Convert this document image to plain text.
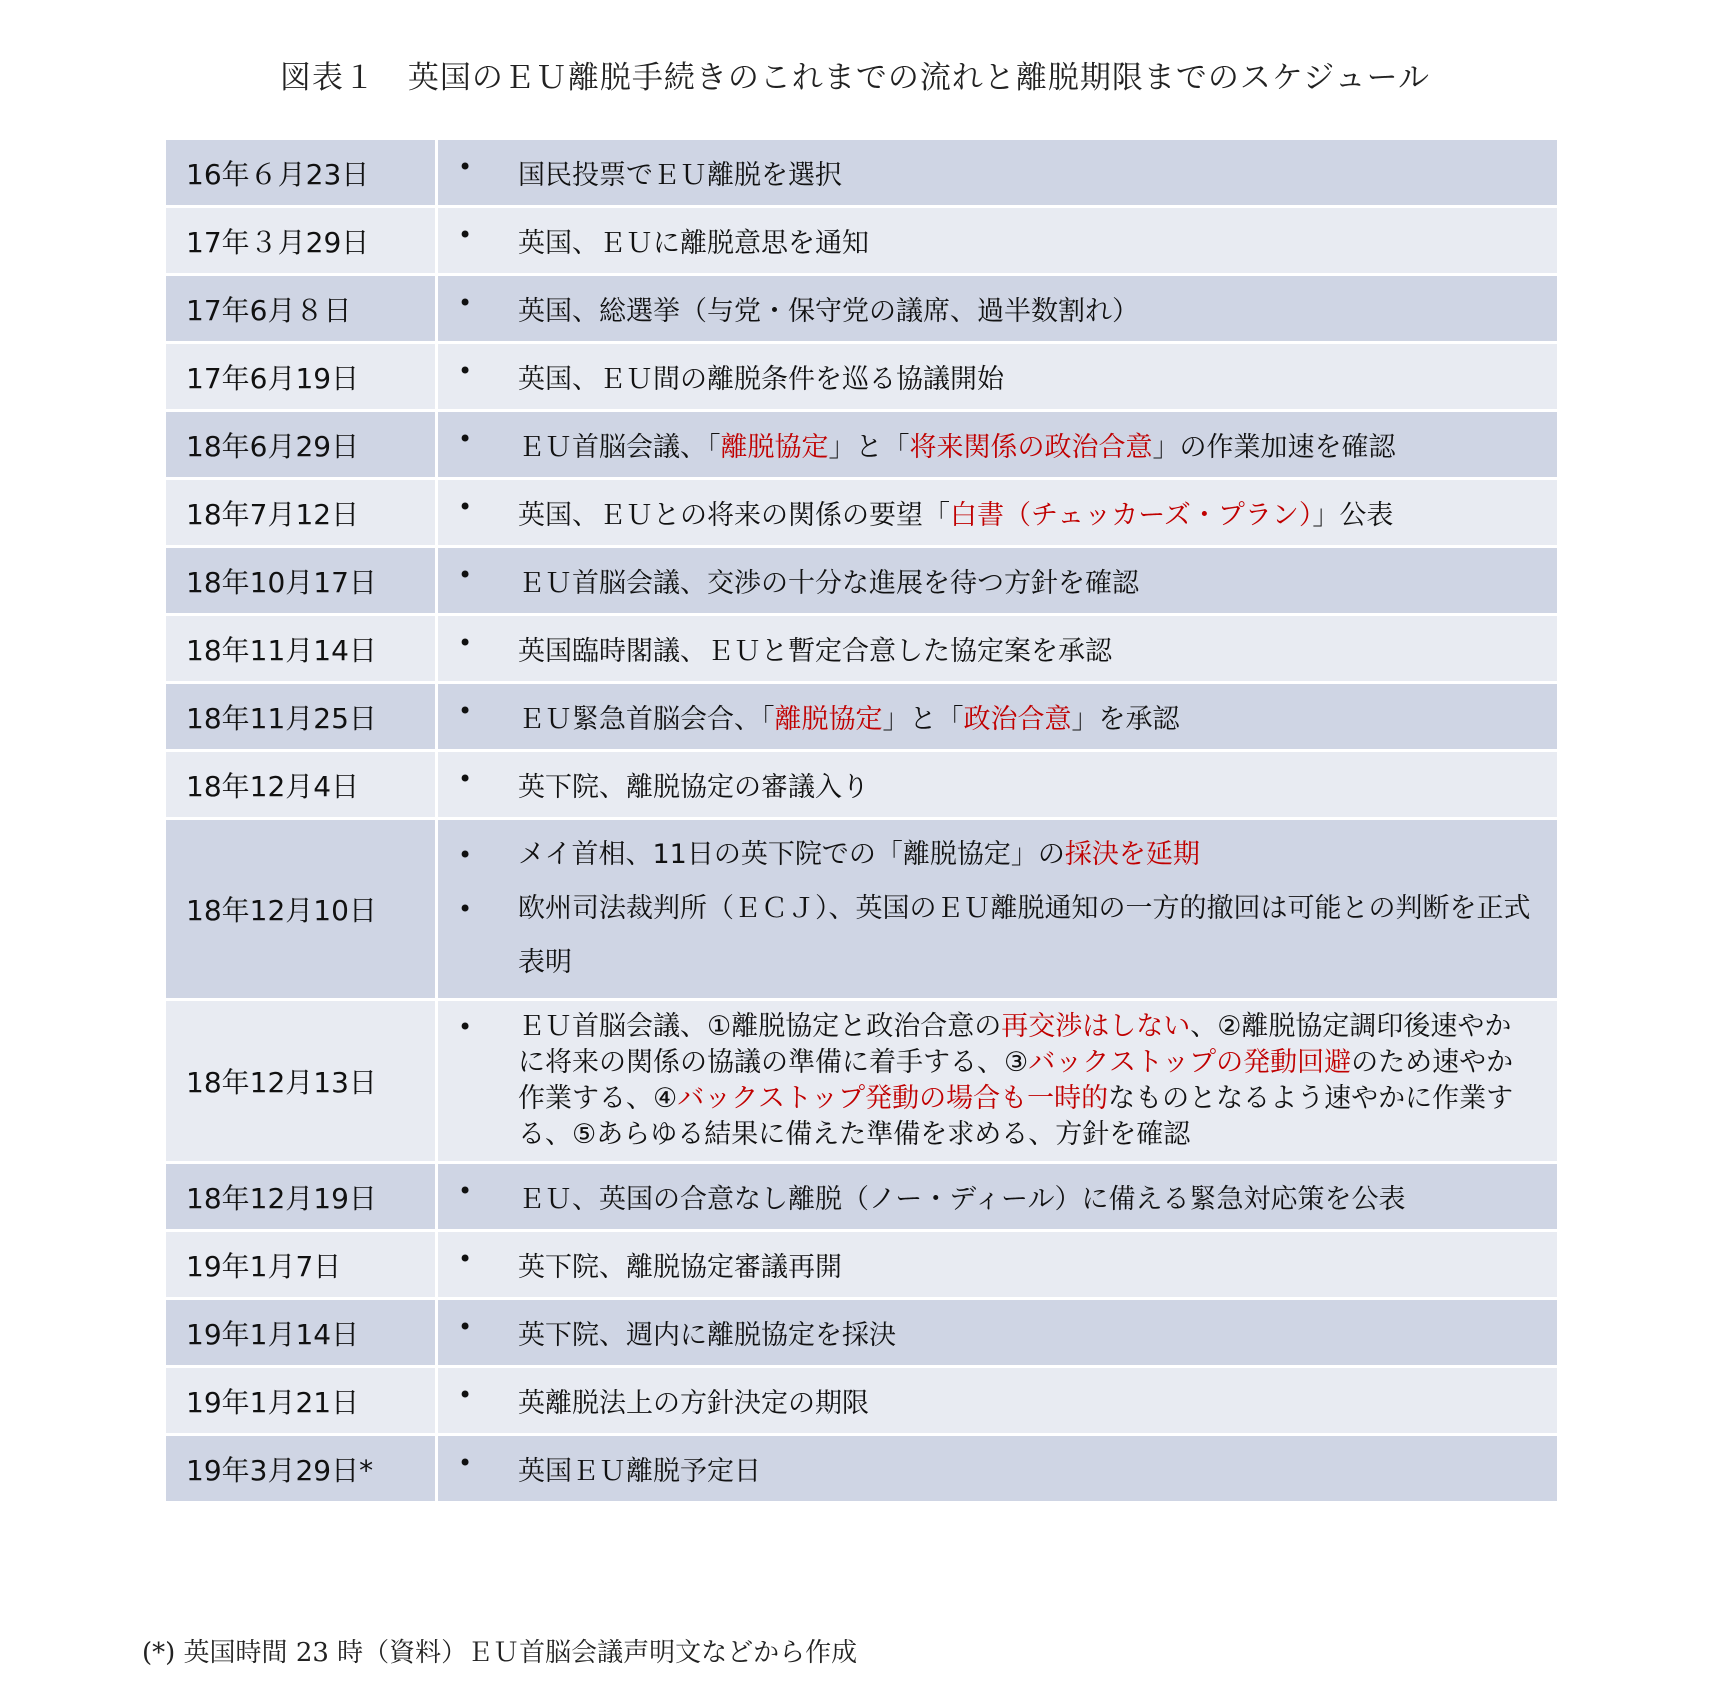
図表１　英国のＥＵ離脱手続きのこれまでの流れと離脱期限までのスケジュール
16年６月23日	• 国民投票でＥＵ離脱を選択

17年３月29日	• 英国、ＥＵに離脱意思を通知

17年6月８日	• 英国、総選挙（与党・保守党の議席、過半数割れ）

17年6月19日	• 英国、ＥＵ間の離脱条件を巡る協議開始

18年6月29日	• ＥＵ首脳会議、「離脱協定」と「将来関係の政治合意」の作業加速を確認

18年7月12日	• 英国、ＥＵとの将来の関係の要望「白書（チェッカーズ・プラン）」公表

18年10月17日	• ＥＵ首脳会議、交渉の十分な進展を待つ方針を確認

18年11月14日	• 英国臨時閣議、ＥＵと暫定合意した協定案を承認

18年11月25日	• ＥＵ緊急首脳会合、「離脱協定」と「政治合意」を承認

18年12月4日	• 英下院、離脱協定の審議入り

18年12月10日	• メイ首相、11日の英下院での「離脱協定」の採決を延期
• 欧州司法裁判所（ＥＣＪ）、英国のＥＵ離脱通知の一方的撤回は可能との判断を正式表明

18年12月13日	• ＥＵ首脳会議、①離脱協定と政治合意の再交渉はしない、②離脱協定調印後速やかに将来の関係の協議の準備に着手する、③バックストップの発動回避のため速やか作業する、④バックストップ発動の場合も一時的なものとなるよう速やかに作業する、⑤あらゆる結果に備えた準備を求める、方針を確認

18年12月19日	• ＥＵ、英国の合意なし離脱（ノー・ディール）に備える緊急対応策を公表

19年1月7日	• 英下院、離脱協定審議再開

19年1月14日	• 英下院、週内に離脱協定を採決

19年1月21日	• 英離脱法上の方針決定の期限

19年3月29日*	• 英国ＥＵ離脱予定日
(*) 英国時間 23 時（資料）ＥＵ首脳会議声明文などから作成
